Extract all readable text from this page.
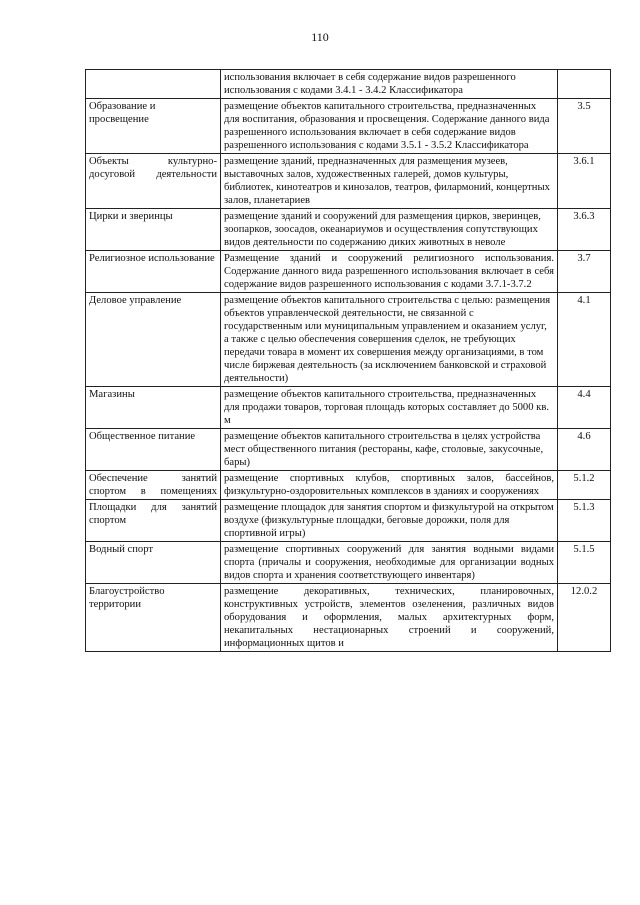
110
	использования включает в себя содержание видов разрешенного использования с кодами 3.4.1 - 3.4.2 Классификатора	
Образование и просвещение	размещение объектов капитального строительства, предназначенных для воспитания, образования и просвещения. Содержание данного вида разрешенного использования включает в себя содержание видов разрешенного использования с кодами 3.5.1 - 3.5.2 Классификатора	3.5
Объекты культурно-досуговой деятельности	размещение зданий, предназначенных для размещения музеев, выставочных залов, художественных галерей, домов культуры, библиотек, кинотеатров и кинозалов, театров, филармоний, концертных залов, планетариев	3.6.1
Цирки и зверинцы	размещение зданий и сооружений для размещения цирков, зверинцев, зоопарков, зоосадов, океанариумов и осуществления сопутствующих видов деятельности по содержанию диких животных в неволе	3.6.3
Религиозное использование	Размещение зданий и сооружений религиозного использования. Содержание данного вида разрешенного использования включает в себя содержание видов разрешенного использования с кодами 3.7.1-3.7.2	3.7
Деловое управление	размещение объектов капитального строительства с целью: размещения объектов управленческой деятельности, не связанной с государственным или муниципальным управлением и оказанием услуг, а также с целью обеспечения совершения сделок, не требующих передачи товара в момент их совершения между организациями, в том числе биржевая деятельность (за исключением банковской и страховой деятельности)	4.1
Магазины	размещение объектов капитального строительства, предназначенных для продажи товаров, торговая площадь которых составляет до 5000 кв. м	4.4
Общественное питание	размещение объектов капитального строительства в целях устройства мест общественного питания (рестораны, кафе, столовые, закусочные, бары)	4.6
Обеспечение занятий спортом в помещениях	размещение спортивных клубов, спортивных залов, бассейнов, физкультурно-оздоровительных комплексов в зданиях и сооружениях	5.1.2
Площадки для занятий спортом	размещение площадок для занятия спортом и физкультурой на открытом воздухе (физкультурные площадки, беговые дорожки, поля для спортивной игры)	5.1.3
Водный спорт	размещение спортивных сооружений для занятия водными видами спорта (причалы и сооружения, необходимые для организации водных видов спорта и хранения соответствующего инвентаря)	5.1.5
Благоустройство территории	размещение декоративных, технических, планировочных, конструктивных устройств, элементов озеленения, различных видов оборудования и оформления, малых архитектурных форм, некапитальных нестационарных строений и сооружений, информационных щитов и	12.0.2
